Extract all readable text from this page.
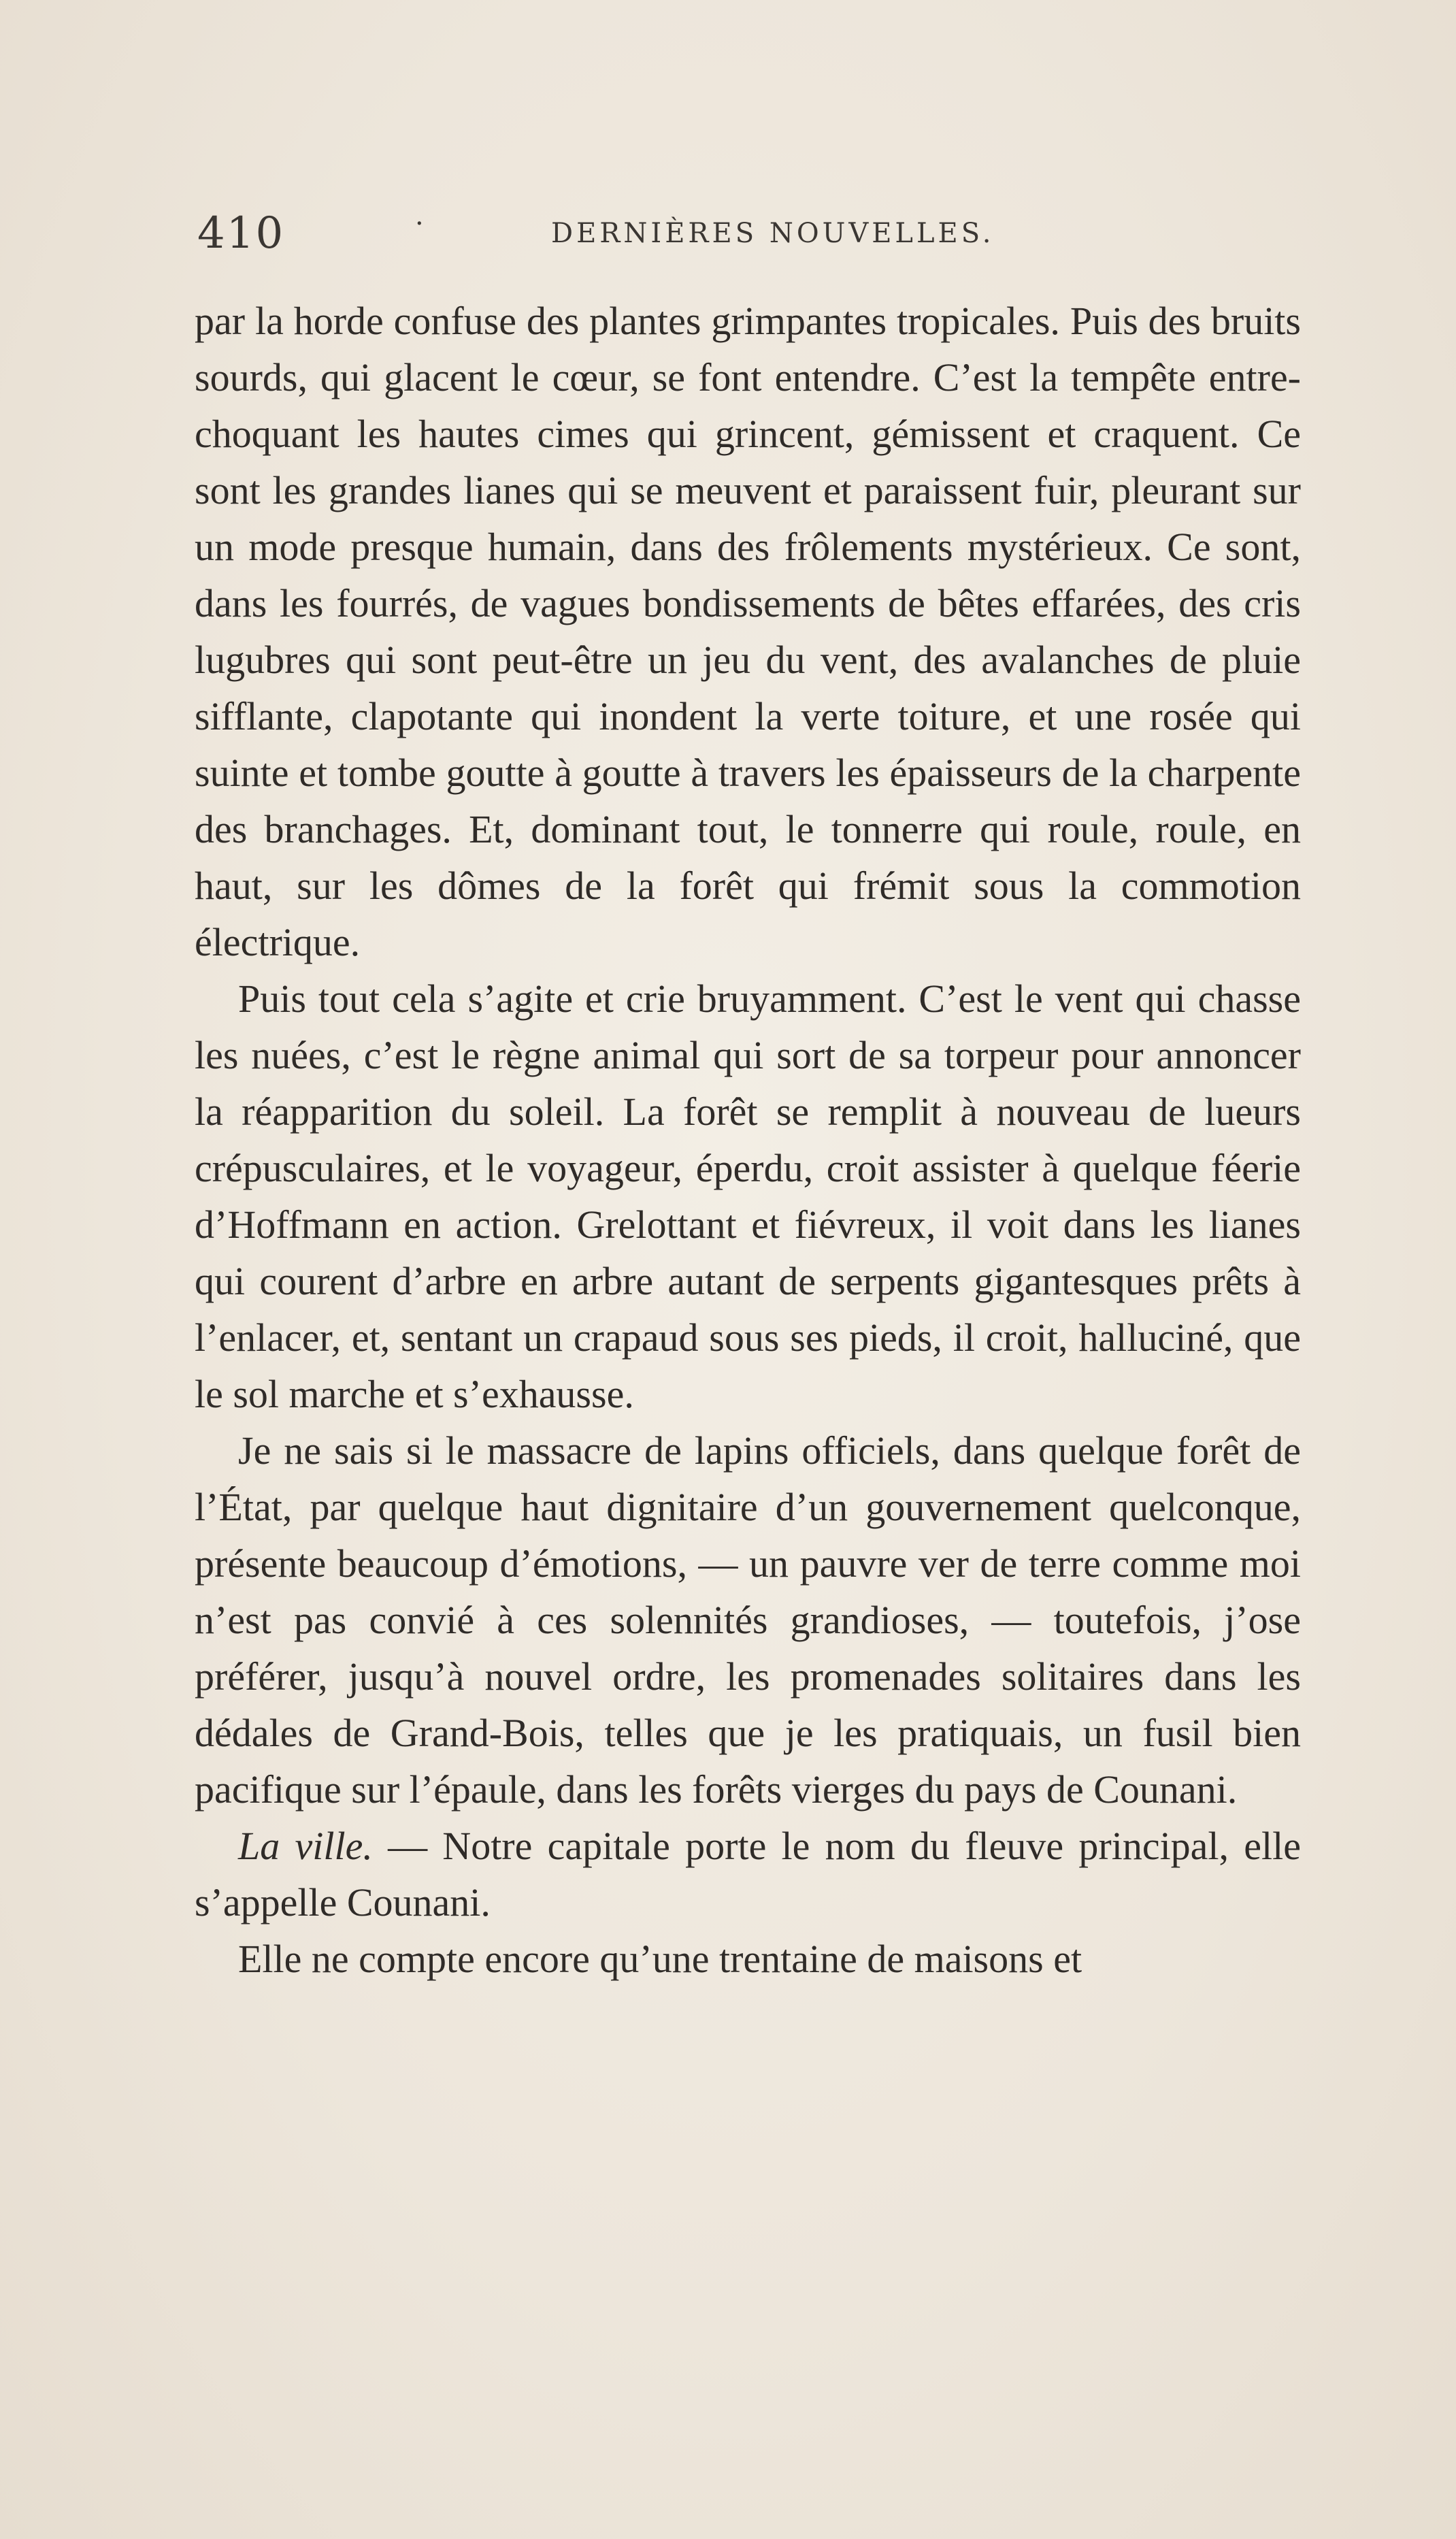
410	·	DERNIÈRES NOUVELLES.

par la horde confuse des plantes grimpantes tropicales. Puis des bruits sourds, qui glacent le cœur, se font entendre. C’est la tempête entre-choquant les hautes cimes qui grincent, gémissent et craquent. Ce sont les grandes lianes qui se meuvent et paraissent fuir, pleurant sur un mode presque humain, dans des frôlements mystérieux. Ce sont, dans les fourrés, de vagues bondissements de bêtes effarées, des cris lugubres qui sont peut-être un jeu du vent, des avalanches de pluie sifflante, clapotante qui inondent la verte toiture, et une rosée qui suinte et tombe goutte à goutte à travers les épaisseurs de la charpente des branchages. Et, dominant tout, le tonnerre qui roule, roule, en haut, sur les dômes de la forêt qui frémit sous la commotion électrique.

Puis tout cela s’agite et crie bruyamment. C’est le vent qui chasse les nuées, c’est le règne animal qui sort de sa torpeur pour annoncer la réapparition du soleil. La forêt se remplit à nouveau de lueurs crépusculaires, et le voyageur, éperdu, croit assister à quelque féerie d’Hoffmann en action. Grelottant et fiévreux, il voit dans les lianes qui courent d’arbre en arbre autant de serpents gigantesques prêts à l’enlacer, et, sentant un crapaud sous ses pieds, il croit, halluciné, que le sol marche et s’exhausse.

Je ne sais si le massacre de lapins officiels, dans quelque forêt de l’État, par quelque haut dignitaire d’un gouvernement quelconque, présente beaucoup d’émotions, — un pauvre ver de terre comme moi n’est pas convié à ces solennités grandioses, — toutefois, j’ose préférer, jusqu’à nouvel ordre, les promenades solitaires dans les dédales de Grand-Bois, telles que je les pratiquais, un fusil bien pacifique sur l’épaule, dans les forêts vierges du pays de Counani.

La ville. — Notre capitale porte le nom du fleuve principal, elle s’appelle Counani.

Elle ne compte encore qu’une trentaine de maisons et
